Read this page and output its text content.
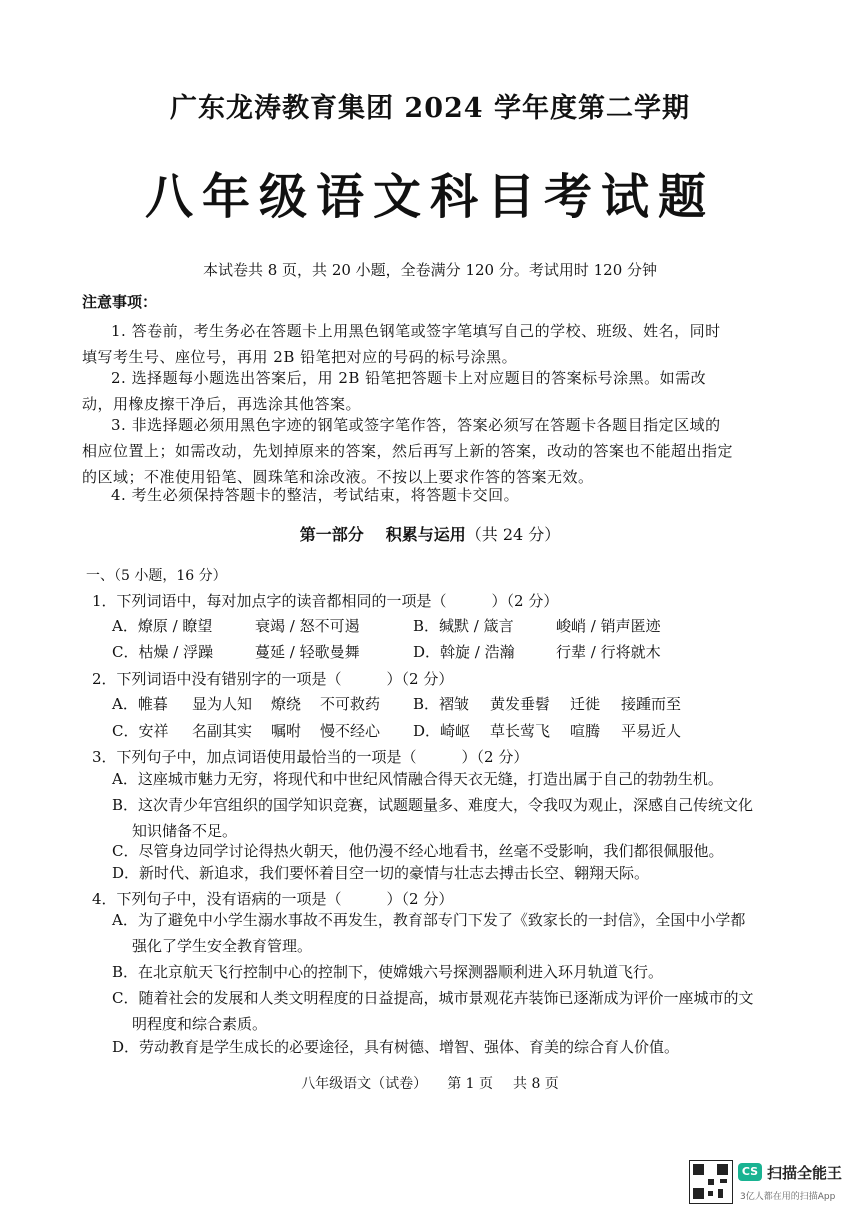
广东龙涛教育集团 2024 学年度第二学期
八年级语文科目考试题
本试卷共 8 页，共 20 小题，全卷满分 120 分。考试用时 120 分钟
注意事项：
1. 答卷前，考生务必在答题卡上用黑色钢笔或签字笔填写自己的学校、班级、姓名，同时填写考生号、座位号，再用 2B 铅笔把对应的号码的标号涂黑。
2. 选择题每小题选出答案后，用 2B 铅笔把答题卡上对应题目的答案标号涂黑。如需改动，用橡皮擦干净后，再选涂其他答案。
3. 非选择题必须用黑色字迹的钢笔或签字笔作答，答案必须写在答题卡各题目指定区域的相应位置上；如需改动，先划掉原来的答案，然后再写上新的答案，改动的答案也不能超出指定的区域；不准使用铅笔、圆珠笔和涂改液。不按以上要求作答的答案无效。
4. 考生必须保持答题卡的整洁，考试结束，将答题卡交回。
第一部分 积累与运用（共 24 分）
一、（5 小题，16 分）
1．下列词语中，每对加点字的读音都相同的一项是（　　　）（2 分）
A．燎原 / 瞭望	衰竭 / 怒不可遏	B．缄默 / 箴言	峻峭 / 销声匿迹
C．枯燥 / 浮躁	蔓延 / 轻歌曼舞	D．斡旋 / 浩瀚	行辈 / 行将就木
2．下列词语中没有错别字的一项是（　　　）（2 分）
A．帷暮 显为人知 燎绕 不可救药 B．褶皱 黄发垂髫 迁徙 接踵而至
C．安祥 名副其实 嘱咐 慢不经心 D．崎岖 草长莺飞 喧腾 平易近人
3．下列句子中，加点词语使用最恰当的一项是（　　　）（2 分）
A．这座城市魅力无穷，将现代和中世纪风情融合得天衣无缝，打造出属于自己的勃勃生机。
B．这次青少年宫组织的国学知识竞赛，试题题量多、难度大，令我叹为观止，深感自己传统文化知识储备不足。
C．尽管身边同学讨论得热火朝天，他仍漫不经心地看书，丝毫不受影响，我们都很佩服他。
D．新时代、新追求，我们要怀着目空一切的豪情与壮志去搏击长空、翱翔天际。
4．下列句子中，没有语病的一项是（　　　）（2 分）
A．为了避免中小学生溺水事故不再发生，教育部专门下发了《致家长的一封信》，全国中小学都强化了学生安全教育管理。
B．在北京航天飞行控制中心的控制下，使嫦娥六号探测器顺利进入环月轨道飞行。
C．随着社会的发展和人类文明程度的日益提高，城市景观花卉装饰已逐渐成为评价一座城市的文明程度和综合素质。
D．劳动教育是学生成长的必要途径，具有树德、增智、强体、育美的综合育人价值。
八年级语文（试卷） 第 1 页 共 8 页
CS 扫描全能王
3亿人都在用的扫描App
